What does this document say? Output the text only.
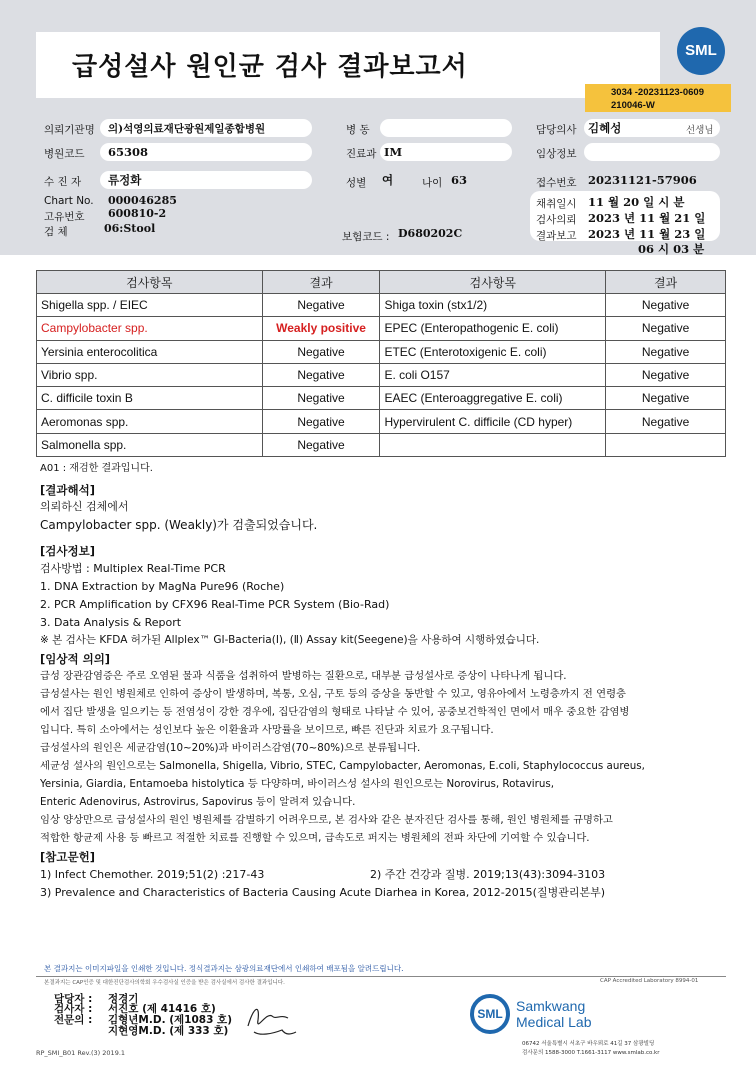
급성설사 원인균 검사 결과보고서
SML
3034 -20231123-0609 210046-W
의뢰기관명 의)석영의료재단광원제일종합병원
병원코드 65308
수 진 자 류정화
Chart No. 000046285
고유번호 600810-2
검 체	06:Stool
병 동
진료과 IM
성별 여	나이 63
보험코드 : D680202C
담당의사 김혜성	선생님
임상정보
접수번호 20231121-57906
채취일시 11 월 20 일 시 분
검사의뢰 2023 년 11 월 21 일
결과보고 2023 년 11 월 23 일
06 시 03 분
검사항목	결과	검사항목	결과
Shigella spp. / EIEC	Negative	Shiga toxin (stx1/2)	Negative
Campylobacter spp.	Weakly positive	EPEC (Enteropathogenic E. coli)	Negative
Yersinia enterocolitica	Negative	ETEC (Enterotoxigenic E. coli)	Negative
Vibrio spp.	Negative	E. coli O157	Negative
C. difficile toxin B	Negative	EAEC (Enteroaggregative E. coli)	Negative
Aeromonas spp.	Negative	Hypervirulent C. difficile (CD hyper)	Negative
Salmonella spp.	Negative		
A01 : 재검한 결과입니다.
[결과해석]
의뢰하신 검체에서
Campylobacter spp. (Weakly)가 검출되었습니다.
[검사정보]
검사방법 : Multiplex Real-Time PCR
1. DNA Extraction by MagNa Pure96 (Roche)
2. PCR Amplification by CFX96 Real-Time PCR System (Bio-Rad)
3. Data Analysis & Report
※ 본 검사는 KFDA 허가된 Allplex™ GI-Bacteria(Ⅰ), (Ⅱ) Assay kit(Seegene)을 사용하여 시행하였습니다.
[임상적 의의]
급성 장관감염증은 주로 오염된 물과 식품을 섭취하여 발병하는 질환으로, 대부분 급성설사로 증상이 나타나게 됩니다.
급성설사는 원인 병원체로 인하여 증상이 발생하며, 복통, 오심, 구토 등의 증상을 동반할 수 있고, 영유아에서 노령층까지 전 연령층
에서 집단 발생을 일으키는 등 전염성이 강한 경우에, 집단감염의 형태로 나타날 수 있어, 공중보건학적인 면에서 매우 중요한 감염병
입니다. 특히 소아에서는 성인보다 높은 이환율과 사망률을 보이므로, 빠른 진단과 치료가 요구됩니다.
급성설사의 원인은 세균감염(10~20%)과 바이러스감염(70~80%)으로 분류됩니다.
세균성 설사의 원인으로는 Salmonella, Shigella, Vibrio, STEC, Campylobacter, Aeromonas, E.coli, Staphylococcus aureus,
Yersinia, Giardia, Entamoeba histolytica 등 다양하며, 바이러스성 설사의 원인으로는 Norovirus, Rotavirus,
Enteric Adenovirus, Astrovirus, Sapovirus 등이 알려져 있습니다.
임상 양상만으로 급성설사의 원인 병원체를 감별하기 어려우므로, 본 검사와 같은 분자진단 검사를 통해, 원인 병원체를 규명하고
적합한 항균제 사용 등 빠르고 적절한 치료를 진행할 수 있으며, 급속도로 퍼지는 병원체의 전파 차단에 기여할 수 있습니다.
[참고문헌]
1) Infect Chemother. 2019;51(2) :217-43	2) 주간 건강과 질병. 2019;13(43):3094-3103
3) Prevalence and Characteristics of Bacteria Causing Acute Diarhea in Korea, 2012-2015(질병관리본부)
본 결과지는 이미지파일을 인쇄한 것입니다. 정식결과지는 삼광의료재단에서 인쇄하여 배포됨을 알려드립니다.
본결과지는 CAP인증 및 대한진단검사의학회 우수검사실 인증을 받은 검사실에서 검사한 결과입니다.	CAP Accredited Laboratory 8994-01
담당자 :
검사자 :
전문의 :
정경기
서진호 (제 41416 호)
김형년M.D. (제1083 호)
지현영M.D. (제 333 호)
SML Samkwang
Medical Lab
06742 서울특별시 서초구 바우뫼로 41길 37 삼광빌딩
검사문의 1588-3000 T.1661-3117 www.smlab.co.kr
RP_SMI_B01 Rev.(3) 2019.1
